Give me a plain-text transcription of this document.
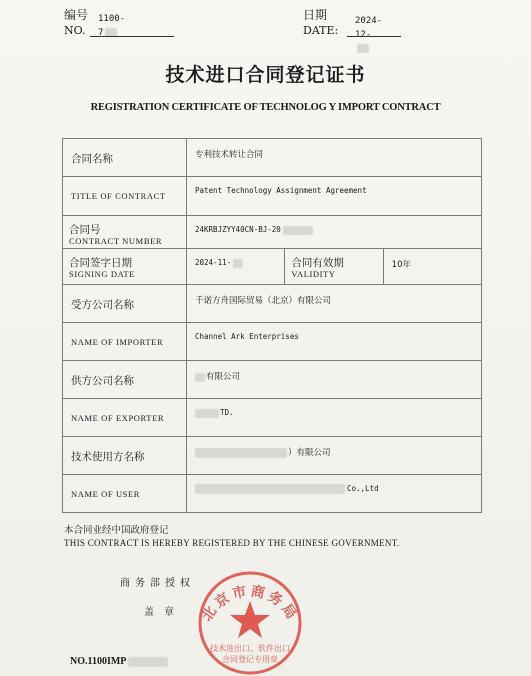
编号
NO.
1100-7
日期
DATE:
2024-12-
技术进口合同登记证书
REGISTRATION CERTIFICATE OF TECHNOLOG Y IMPORT CONTRACT
合同名称	专利技术转让合同		

TITLE OF CONTRACT	Patent Technology Assignment Agreement		

合同号
CONTRACT NUMBER	24KRBJZYY40CN-BJ-20		

合同签字日期
SIGNING DATE	2024-11-	合同有效期
VALIDITY	10年

受方公司名称	千诺方舟国际贸易（北京）有限公司		

NAME OF IMPORTER	Channel Ark Enterprises		

供方公司名称	有限公司		

NAME OF EXPORTER	TD.		

技术使用方名称	）有限公司		

NAME OF USER	Co.,Ltd		
本合同业经中国政府登记
THIS CONTRACT IS HEREBY REGISTERED BY THE CHINESE GOVERNMENT.
商务部授权
盖章 北京市商务局
技术进出口、软件出口
合同登记专用章
NO.1100IMP
